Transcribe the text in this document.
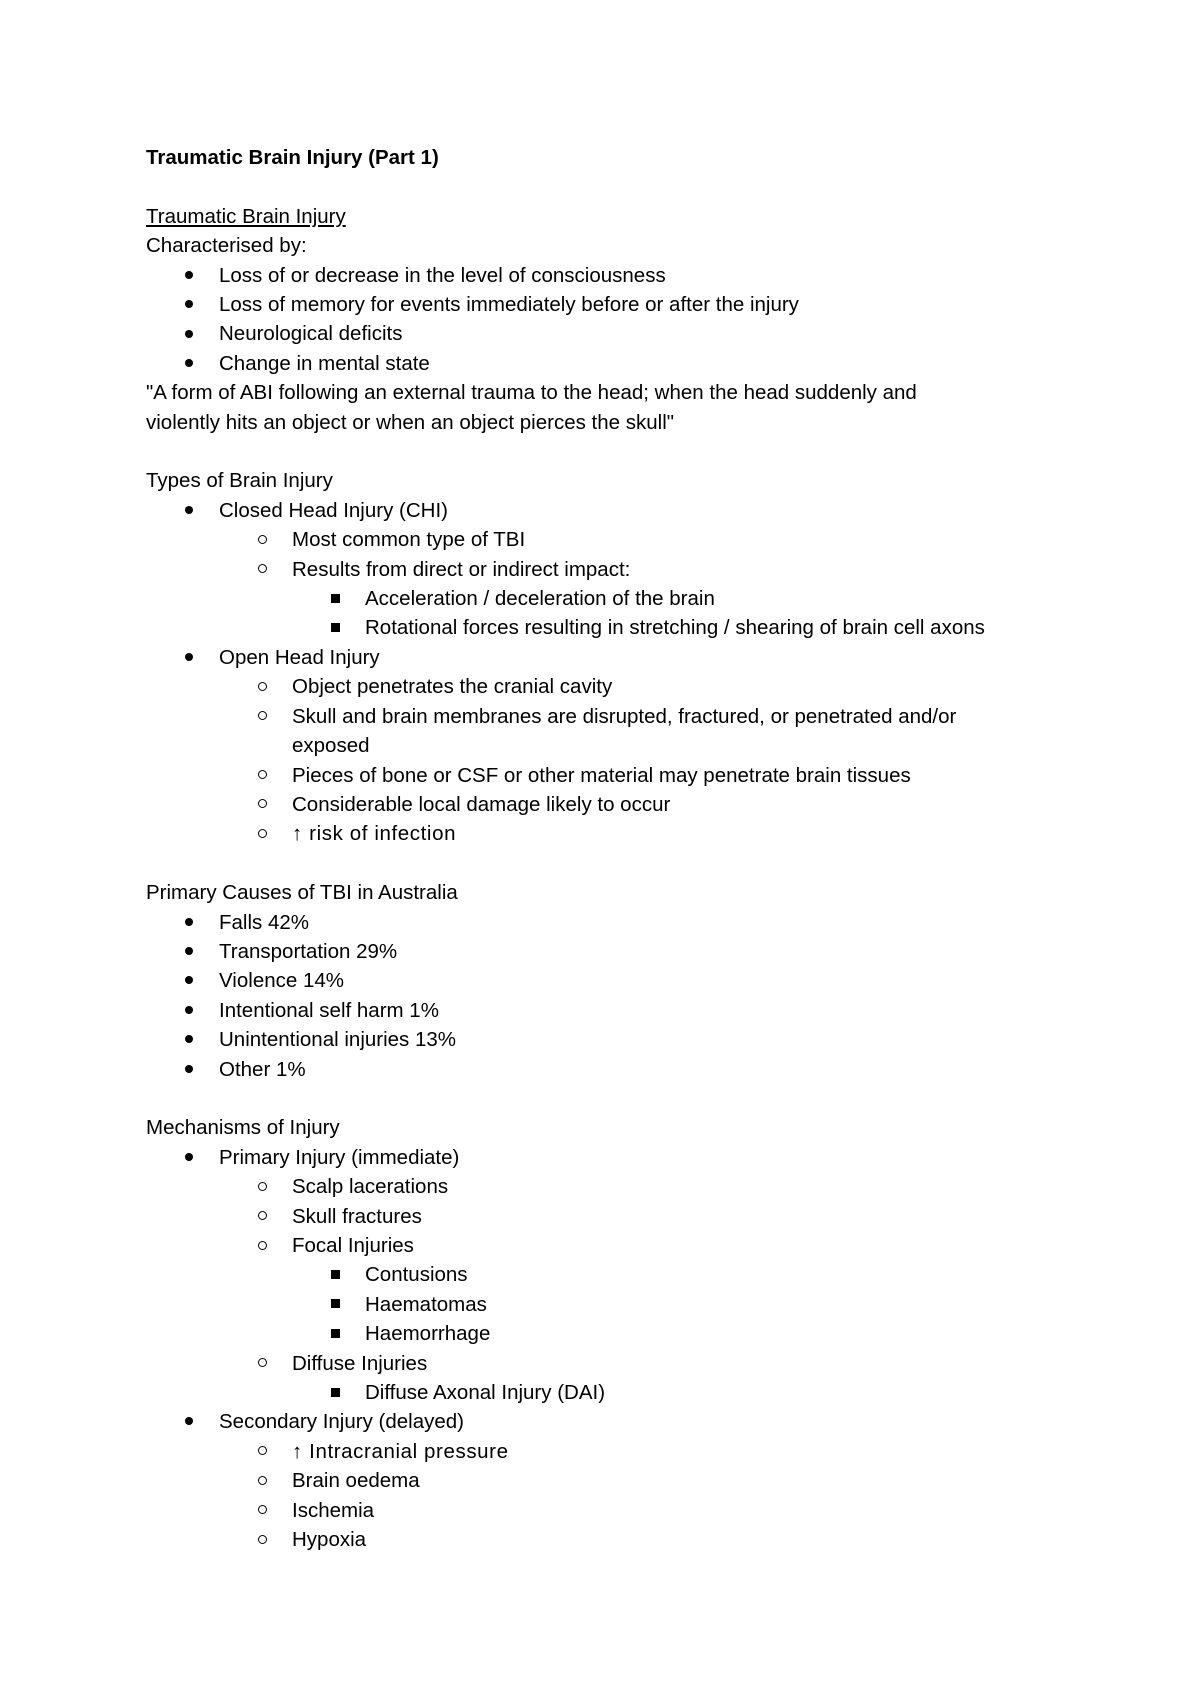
Traumatic Brain Injury (Part 1)
Traumatic Brain Injury
Characterised by:
Loss of or decrease in the level of consciousness
Loss of memory for events immediately before or after the injury
Neurological deficits
Change in mental state
"A form of ABI following an external trauma to the head; when the head suddenly and
violently hits an object or when an object pierces the skull"
Types of Brain Injury
Closed Head Injury (CHI)
Most common type of TBI
Results from direct or indirect impact:
Acceleration / deceleration of the brain
Rotational forces resulting in stretching / shearing of brain cell axons
Open Head Injury
Object penetrates the cranial cavity
Skull and brain membranes are disrupted, fractured, or penetrated and/or
exposed
Pieces of bone or CSF or other material may penetrate brain tissues
Considerable local damage likely to occur
↑ risk of infection
Primary Causes of TBI in Australia
Falls 42%
Transportation 29%
Violence 14%
Intentional self harm 1%
Unintentional injuries 13%
Other 1%
Mechanisms of Injury
Primary Injury (immediate)
Scalp lacerations
Skull fractures
Focal Injuries
Contusions
Haematomas
Haemorrhage
Diffuse Injuries
Diffuse Axonal Injury (DAI)
Secondary Injury (delayed)
↑ Intracranial pressure
Brain oedema
Ischemia
Hypoxia
